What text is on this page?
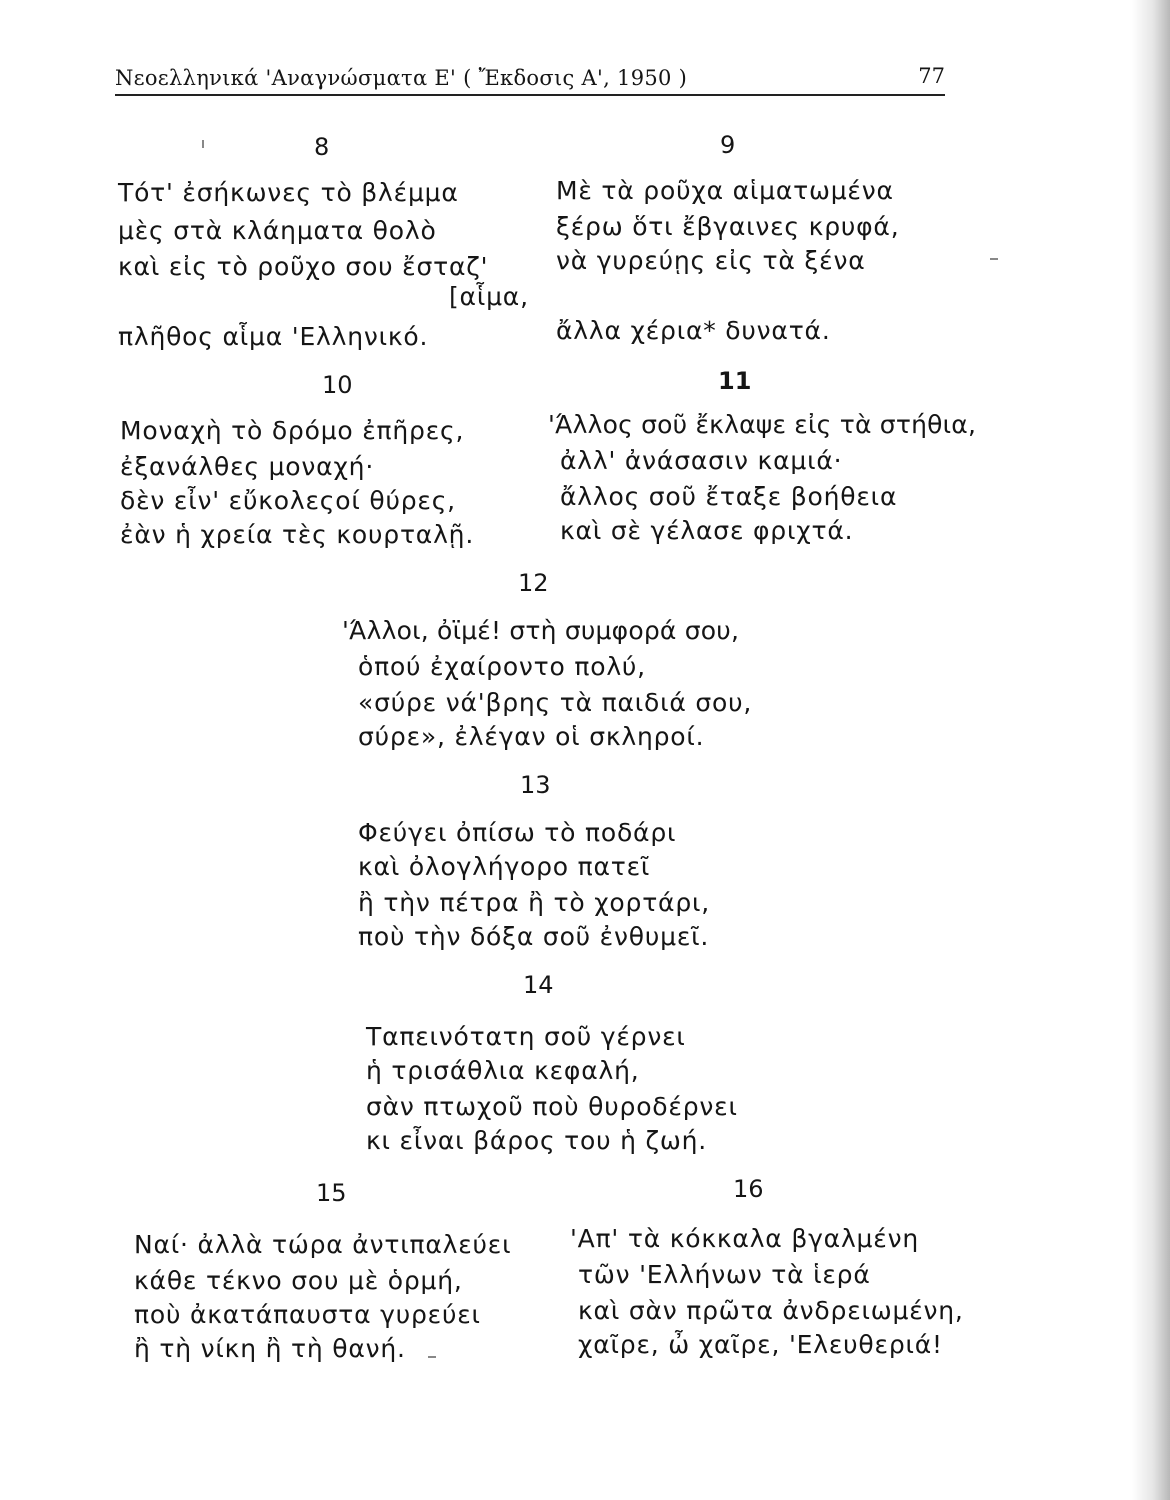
Νεοελληνικά 'Αναγνώσματα Ε' ( Ἔκδοσις Α', 1950 )	77
8
Τότ' ἐσήκωνες τὸ βλέμμα
μὲς στὰ κλάηματα θολὸ
καὶ εἰς τὸ ροῦχο σου ἔσταζ'
[αἷμα,
πλῆθος αἷμα 'Ελληνικό.
9
Μὲ τὰ ροῦχα αἱματωμένα
ξέρω ὅτι ἔβγαινες κρυφά,
νὰ γυρεύῃς εἰς τὰ ξένα
ἄλλα χέρια* δυνατά.
10
Μοναχὴ τὸ δρόμο ἐπῆρες,
ἐξανάλθες μοναχή·
δὲν εἶν' εὔκολεςοί θύρες,
ἐὰν ἡ χρεία τὲς κουρταλῇ.
11
'Άλλος σοῦ ἔκλαψε εἰς τὰ στήθια,
ἀλλ' ἀνάσασιν καμιά·
ἄλλος σοῦ ἔταξε βοήθεια
καὶ σὲ γέλασε φριχτά.
12
'Άλλοι, ὀϊμέ! στὴ συμφορά σου,
ὁπού ἐχαίροντο πολύ,
«σύρε νά'βρης τὰ παιδιά σου,
σύρε», ἐλέγαν οἱ σκληροί.
13
Φεύγει ὀπίσω τὸ ποδάρι
καὶ ὀλογλήγορο πατεῖ
ἢ τὴν πέτρα ἢ τὸ χορτάρι,
ποὺ τὴν δόξα σοῦ ἐνθυμεῖ.
14
Ταπεινότατη σοῦ γέρνει
ἡ τρισάθλια κεφαλή,
σὰν πτωχοῦ ποὺ θυροδέρνει
κι εἶναι βάρος του ἡ ζωή.
15
Ναί· ἀλλὰ τώρα ἀντιπαλεύει
κάθε τέκνο σου μὲ ὁρμή,
ποὺ ἀκατάπαυστα γυρεύει
ἢ τὴ νίκη ἢ τὴ θανή.
16
'Απ' τὰ κόκκαλα βγαλμένη
τῶν 'Ελλήνων τὰ ἱερά
καὶ σὰν πρῶτα ἀνδρειωμένη,
χαῖρε, ὦ χαῖρε, 'Ελευθεριά!
